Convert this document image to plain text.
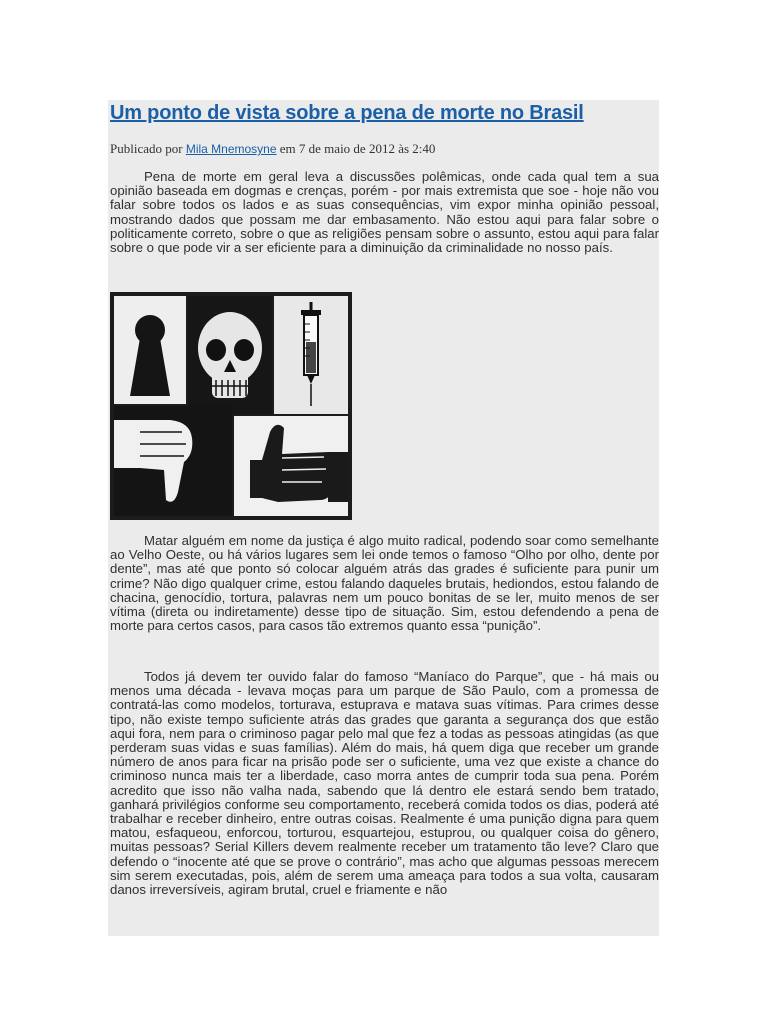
Um ponto de vista sobre a pena de morte no Brasil
Publicado por Mila Mnemosyne em 7 de maio de 2012 às 2:40

Pena de morte em geral leva a discussões polêmicas, onde cada qual tem a sua opinião baseada em dogmas e crenças, porém - por mais extremista que soe - hoje não vou falar sobre todos os lados e as suas consequências, vim expor minha opinião pessoal, mostrando dados que possam me dar embasamento. Não estou aqui para falar sobre o politicamente correto, sobre o que as religiões pensam sobre o assunto, estou aqui para falar sobre o que pode vir a ser eficiente para a diminuição da criminalidade no nosso país.

Matar alguém em nome da justiça é algo muito radical, podendo soar como semelhante ao Velho Oeste, ou há vários lugares sem lei onde temos o famoso “Olho por olho, dente por dente”, mas até que ponto só colocar alguém atrás das grades é suficiente para punir um crime? Não digo qualquer crime, estou falando daqueles brutais, hediondos, estou falando de chacina, genocídio, tortura, palavras nem um pouco bonitas de se ler, muito menos de ser vítima (direta ou indiretamente) desse tipo de situação. Sim, estou defendendo a pena de morte para certos casos, para casos tão extremos quanto essa “punição”.

Todos já devem ter ouvido falar do famoso “Maníaco do Parque”, que - há mais ou menos uma década - levava moças para um parque de São Paulo, com a promessa de contratá-las como modelos, torturava, estuprava e matava suas vítimas. Para crimes desse tipo, não existe tempo suficiente atrás das grades que garanta a segurança dos que estão aqui fora, nem para o criminoso pagar pelo mal que fez a todas as pessoas atingidas (as que perderam suas vidas e suas famílias). Além do mais, há quem diga que receber um grande número de anos para ficar na prisão pode ser o suficiente, uma vez que existe a chance do criminoso nunca mais ter a liberdade, caso morra antes de cumprir toda sua pena. Porém acredito que isso não valha nada, sabendo que lá dentro ele estará sendo bem tratado, ganhará privilégios conforme seu comportamento, receberá comida todos os dias, poderá até trabalhar e receber dinheiro, entre outras coisas. Realmente é uma punição digna para quem matou, esfaqueou, enforcou, torturou, esquartejou, estuprou, ou qualquer coisa do gênero, muitas pessoas? Serial Killers devem realmente receber um tratamento tão leve? Claro que defendo o “inocente até que se prove o contrário”, mas acho que algumas pessoas merecem sim serem executadas, pois, além de serem uma ameaça para todos a sua volta, causaram danos irreversíveis, agiram brutal, cruel e friamente e não
